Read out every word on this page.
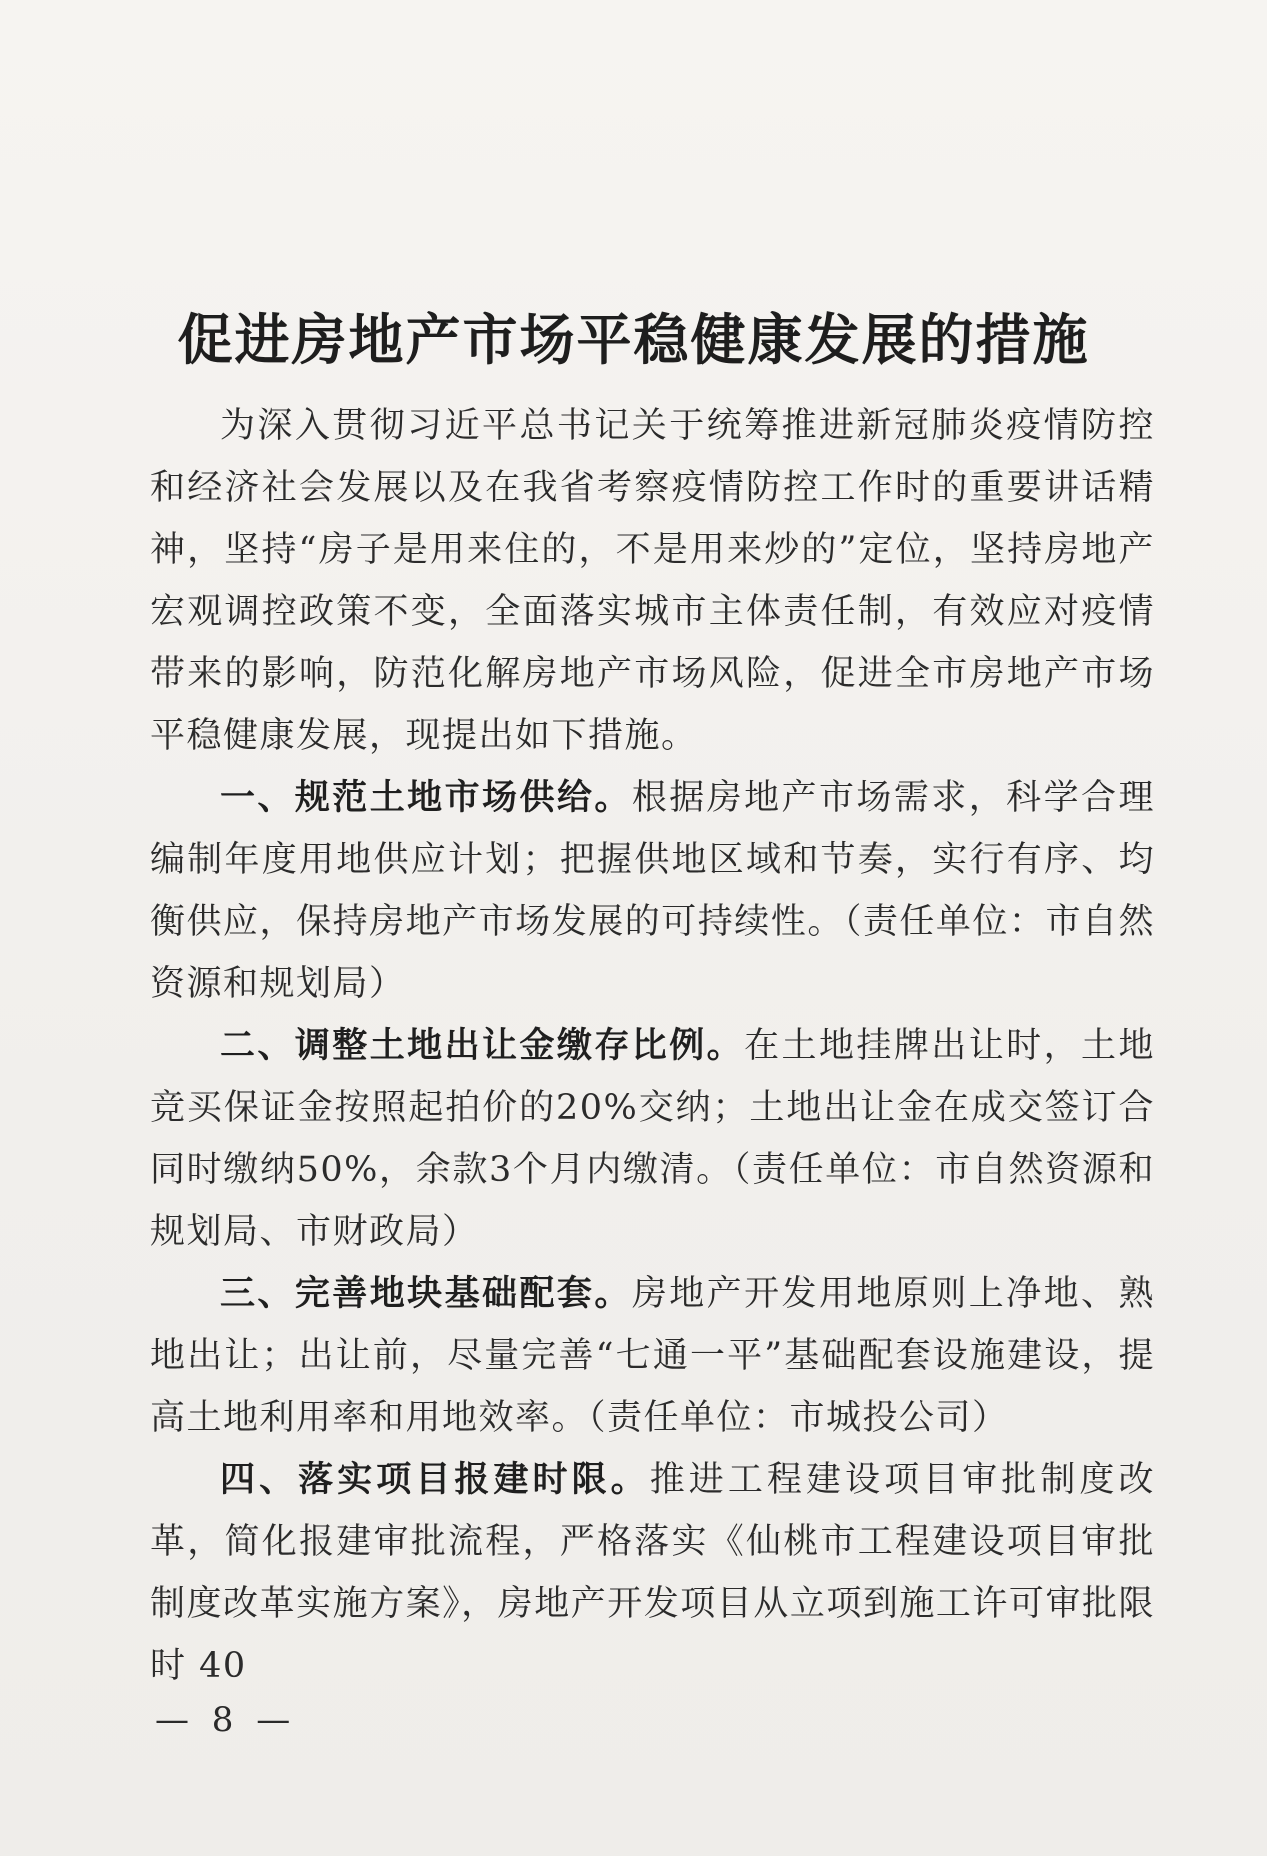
促进房地产市场平稳健康发展的措施

为深入贯彻习近平总书记关于统筹推进新冠肺炎疫情防控和经济社会发展以及在我省考察疫情防控工作时的重要讲话精神，坚持“房子是用来住的，不是用来炒的”定位，坚持房地产宏观调控政策不变，全面落实城市主体责任制，有效应对疫情带来的影响，防范化解房地产市场风险，促进全市房地产市场平稳健康发展，现提出如下措施。

一、规范土地市场供给。根据房地产市场需求，科学合理编制年度用地供应计划；把握供地区域和节奏，实行有序、均衡供应，保持房地产市场发展的可持续性。（责任单位：市自然资源和规划局）

二、调整土地出让金缴存比例。在土地挂牌出让时，土地竞买保证金按照起拍价的20%交纳；土地出让金在成交签订合同时缴纳50%，余款3个月内缴清。（责任单位：市自然资源和规划局、市财政局）

三、完善地块基础配套。房地产开发用地原则上净地、熟地出让；出让前，尽量完善“七通一平”基础配套设施建设，提高土地利用率和用地效率。（责任单位：市城投公司）

四、落实项目报建时限。推进工程建设项目审批制度改革，简化报建审批流程，严格落实《仙桃市工程建设项目审批制度改革实施方案》，房地产开发项目从立项到施工许可审批限时 40

— 8 —
